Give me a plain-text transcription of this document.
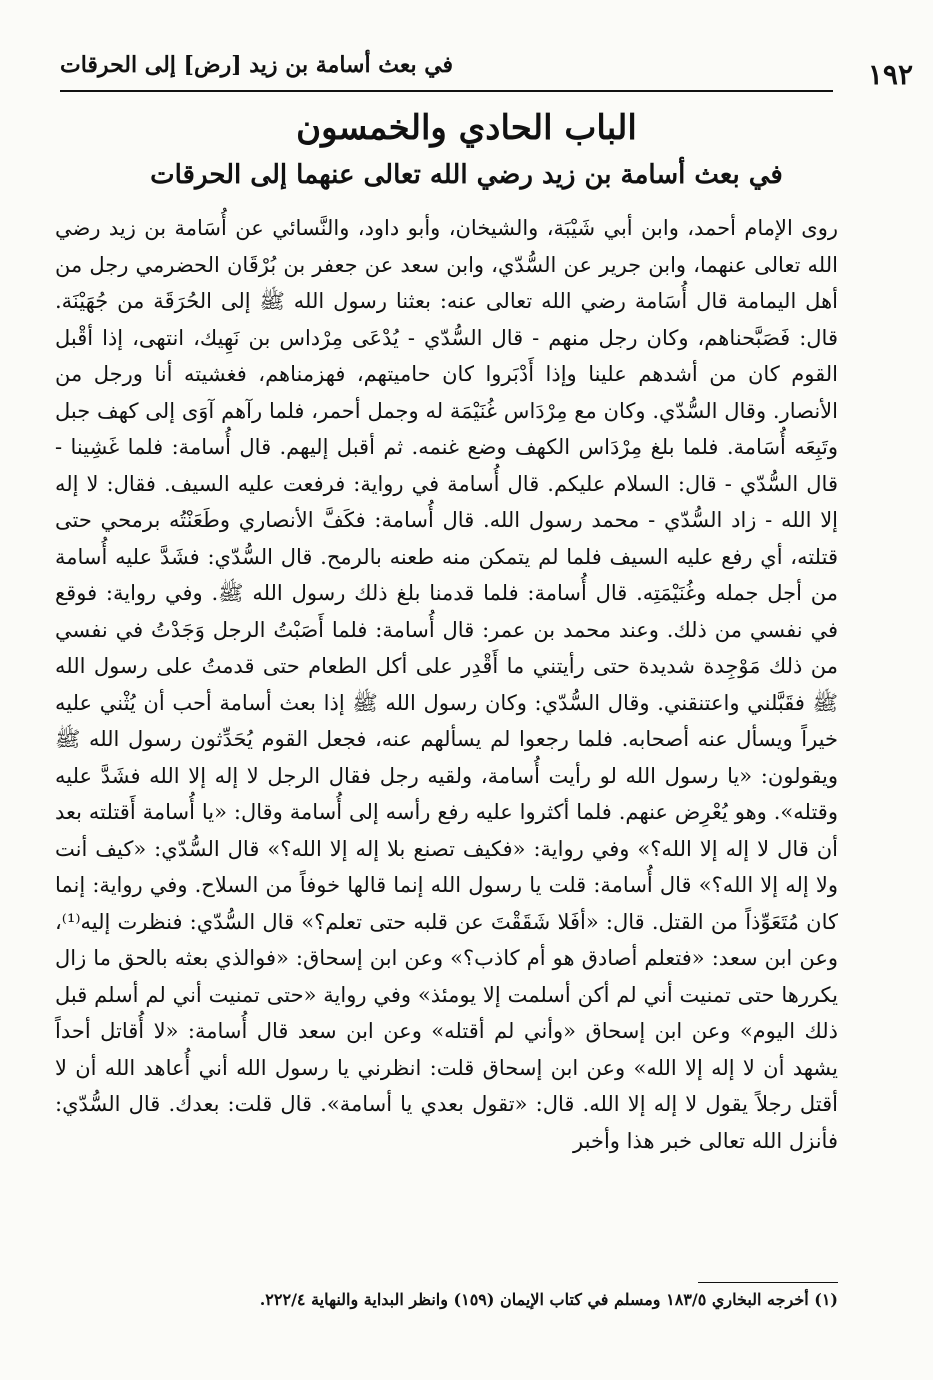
١٩٢
في بعث أسامة بن زيد [رض] إلى الحرقات
الباب الحادي والخمسون
في بعث أسامة بن زيد رضي الله تعالى عنهما إلى الحرقات

روى الإمام أحمد، وابن أبي شَيْبَة، والشيخان، وأبو داود، والنَّسائي عن أُسَامة بن زيد رضي الله تعالى عنهما، وابن جرير عن السُّدّي، وابن سعد عن جعفر بن بُرْقَان الحضرمي رجل من أهل اليمامة قال أُسَامة رضي الله تعالى عنه: بعثنا رسول الله ﷺ إلى الحُرَقَة من جُهَيْنَة. قال: فَصَبَّحناهم، وكان رجل منهم - قال السُّدّي - يُدْعَى مِرْداس بن نَهِيك، انتهى، إذا أقْبل القوم كان من أشدهم علينا وإذا أَدْبَروا كان حاميتهم، فهزمناهم، فغشيته أنا ورجل من الأنصار. وقال السُّدّي. وكان مع مِرْدَاس غُنَيْمَة له وجمل أحمر، فلما رآهم آوَى إلى كهف جبل وتَبِعَه أُسَامة. فلما بلغ مِرْدَاس الكهف وضع غنمه. ثم أقبل إليهم. قال أُسامة: فلما غَشِينا - قال السُّدّي - قال: السلام عليكم. قال أُسامة في رواية: فرفعت عليه السيف. فقال: لا إله إلا الله - زاد السُّدّي - محمد رسول الله. قال أُسامة: فكَفَّ الأنصاري وطَعَنْتُه برمحي حتى قتلته، أي رفع عليه السيف فلما لم يتمكن منه طعنه بالرمح. قال السُّدّي: فشَدَّ عليه أُسامة من أجل جمله وغُنَيْمَتِه. قال أُسامة: فلما قدمنا بلغ ذلك رسول الله ﷺ. وفي رواية: فوقع في نفسي من ذلك. وعند محمد بن عمر: قال أُسامة: فلما أَصَبْتُ الرجل وَجَدْتُ في نفسي من ذلك مَوْجِدة شديدة حتى رأيتني ما أَقْدِر على أكل الطعام حتى قدمتُ على رسول الله ﷺ فقَبَّلني واعتنقني. وقال السُّدّي: وكان رسول الله ﷺ إذا بعث أسامة أحب أن يُثْني عليه خيراً ويسأل عنه أصحابه. فلما رجعوا لم يسألهم عنه، فجعل القوم يُحَدِّثون رسول الله ﷺ ويقولون: «يا رسول الله لو رأيت أُسامة، ولقيه رجل فقال الرجل لا إله إلا الله فشَدَّ عليه وقتله». وهو يُعْرِض عنهم. فلما أكثروا عليه رفع رأسه إلى أُسامة وقال: «يا أُسامة أَقتلته بعد أن قال لا إله إلا الله؟» وفي رواية: «فكيف تصنع بلا إله إلا الله؟» قال السُّدّي: «كيف أنت ولا إله إلا الله؟» قال أُسامة: قلت يا رسول الله إنما قالها خوفاً من السلاح. وفي رواية: إنما كان مُتَعَوِّذاً من القتل. قال: «أفَلا شَقَقْتَ عن قلبه حتى تعلم؟» قال السُّدّي: فنظرت إليه⁽¹⁾، وعن ابن سعد: «فتعلم أصادق هو أم كاذب؟» وعن ابن إسحاق: «فوالذي بعثه بالحق ما زال يكررها حتى تمنيت أني لم أكن أسلمت إلا يومئذ» وفي رواية «حتى تمنيت أني لم أسلم قبل ذلك اليوم» وعن ابن إسحاق «وأني لم أقتله» وعن ابن سعد قال أُسامة: «لا أُقاتل أحداً يشهد أن لا إله إلا الله» وعن ابن إسحاق قلت: انظرني يا رسول الله أني أُعاهد الله أن لا أقتل رجلاً يقول لا إله إلا الله. قال: «تقول بعدي يا أسامة». قال قلت: بعدك. قال السُّدّي: فأنزل الله تعالى خبر هذا وأخبر

(١) أخرجه البخاري ١٨٣/٥ ومسلم في كتاب الإيمان (١٥٩) وانظر البداية والنهاية ٢٢٢/٤.
